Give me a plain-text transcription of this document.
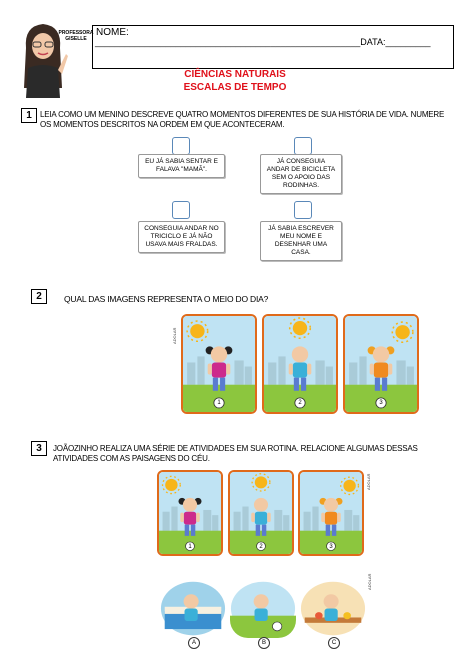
PROFESSORA GISELLE
NOME:
_____________________________________________________DATA:_________
CIÊNCIAS NATURAIS
ESCALAS DE TEMPO
1	LEIA COMO UM MENINO DESCREVE QUATRO MOMENTOS DIFERENTES DE SUA HISTÓRIA DE VIDA. NUMERE OS MOMENTOS DESCRITOS NA ORDEM EM QUE ACONTECERAM.
EU JÁ SABIA SENTAR E FALAVA "MAMÃ".
JÁ CONSEGUIA ANDAR DE BICICLETA SEM O APOIO DAS RODINHAS.
CONSEGUIA ANDAR NO TRICICLO E JÁ NÃO USAVA MAIS FRALDAS.
JÁ SABIA ESCREVER MEU NOME E DESENHAR UMA CASA.
2	QUAL DAS IMAGENS REPRESENTA O MEIO DO DIA?
ADOLAR
3	JOÃOZINHO REALIZA UMA SÉRIE DE ATIVIDADES EM SUA ROTINA. RELACIONE ALGUMAS DESSAS ATIVIDADES COM AS PAISAGENS DO CÉU.
ADOLAR
ADOLAR
1	2	3
1	2	3
A	B	C
